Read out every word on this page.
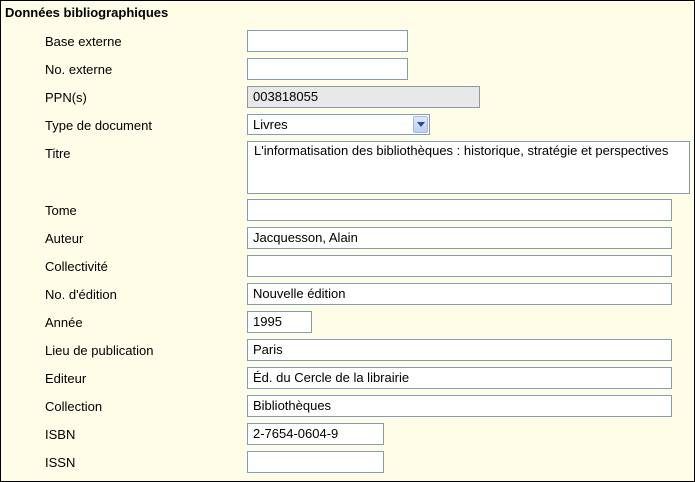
Données bibliographiques
Base externe
No. externe
PPN(s)	003818055
Type de document	Livres
Titre	L'informatisation des bibliothèques : historique, stratégie et perspectives
Tome
Auteur	Jacquesson, Alain
Collectivité
No. d'édition	Nouvelle édition
Année	1995
Lieu de publication	Paris
Editeur	Éd. du Cercle de la librairie
Collection	Bibliothèques
ISBN	2-7654-0604-9
ISSN
